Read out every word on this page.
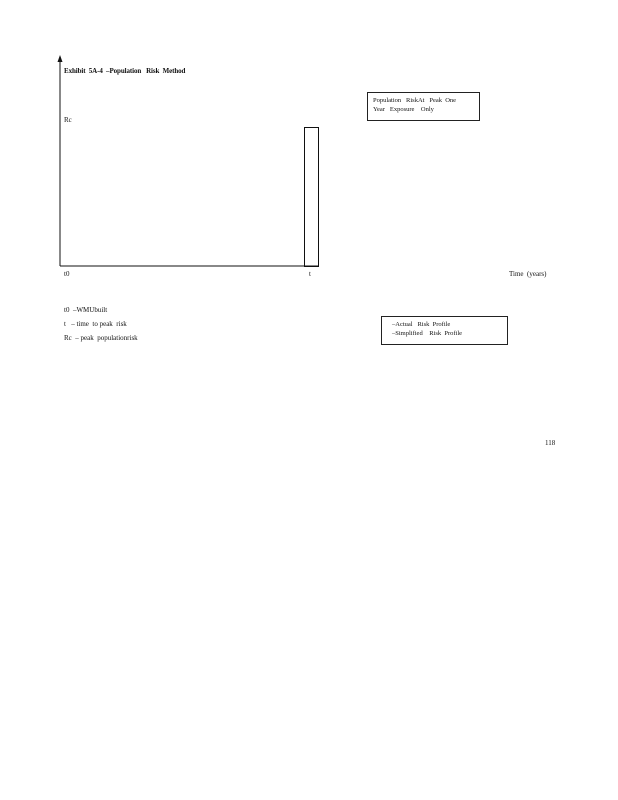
Exhibit  5A-4  –Population   Risk  Method
Rc
Population   RiskAt   Peak  One
Year   Exposure    Only
t0	t	Time  (years)
t0  –WMUbuilt
t   – time  to peak  risk
Rc  – peak  populationrisk
–Actual   Risk  Profile
–Simplified    Risk  Profile
118
